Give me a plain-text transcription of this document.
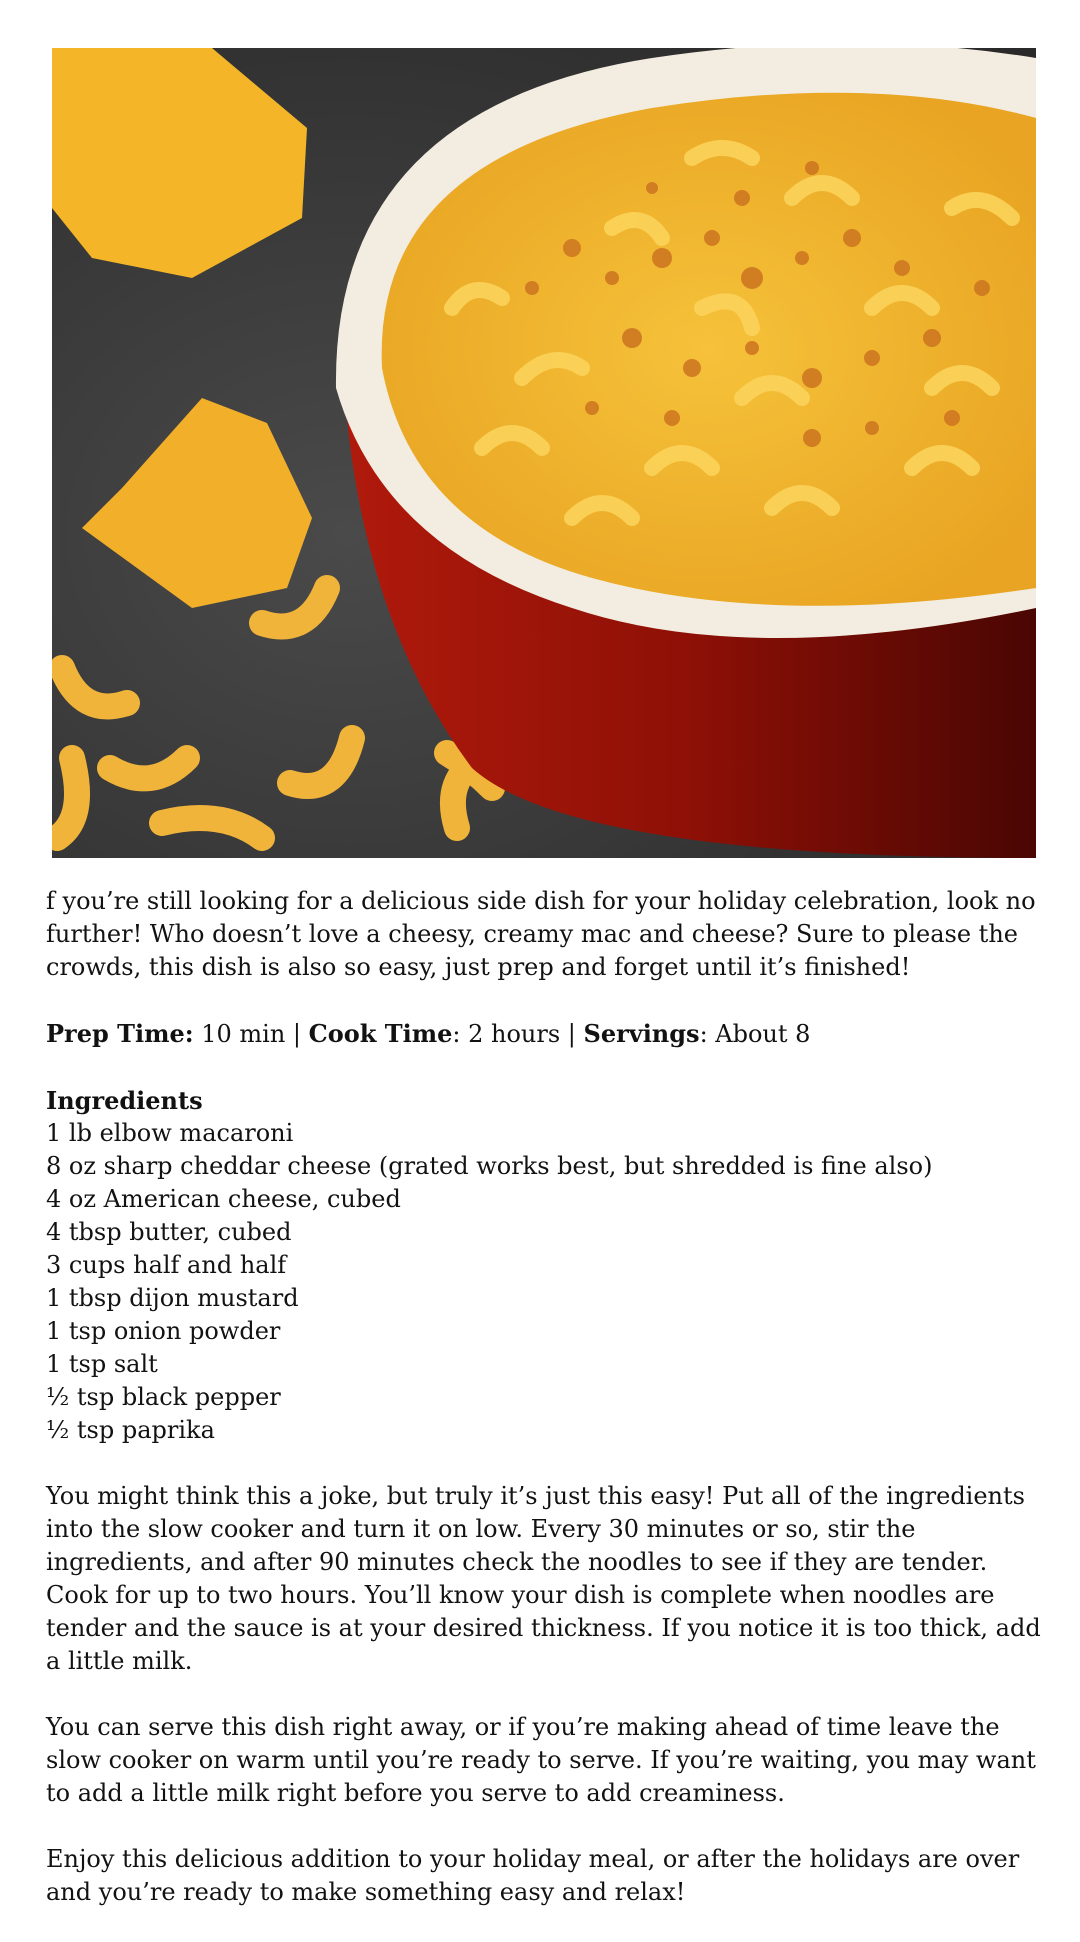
f you’re still looking for a delicious side dish for your holiday celebration, look no further! Who doesn’t love a cheesy, creamy mac and cheese? Sure to please the crowds, this dish is also so easy, just prep and forget until it’s finished!

Prep Time: 10 min | Cook Time: 2 hours | Servings: About 8

Ingredients
1 lb elbow macaroni
8 oz sharp cheddar cheese (grated works best, but shredded is fine also)
4 oz American cheese, cubed
4 tbsp butter, cubed
3 cups half and half
1 tbsp dijon mustard
1 tsp onion powder
1 tsp salt
½ tsp black pepper
½ tsp paprika

You might think this a joke, but truly it’s just this easy! Put all of the ingredients into the slow cooker and turn it on low. Every 30 minutes or so, stir the ingredients, and after 90 minutes check the noodles to see if they are tender. Cook for up to two hours. You’ll know your dish is complete when noodles are tender and the sauce is at your desired thickness. If you notice it is too thick, add a little milk.

You can serve this dish right away, or if you’re making ahead of time leave the slow cooker on warm until you’re ready to serve. If you’re waiting, you may want to add a little milk right before you serve to add creaminess.

Enjoy this delicious addition to your holiday meal, or after the holidays are over and you’re ready to make something easy and relax!
